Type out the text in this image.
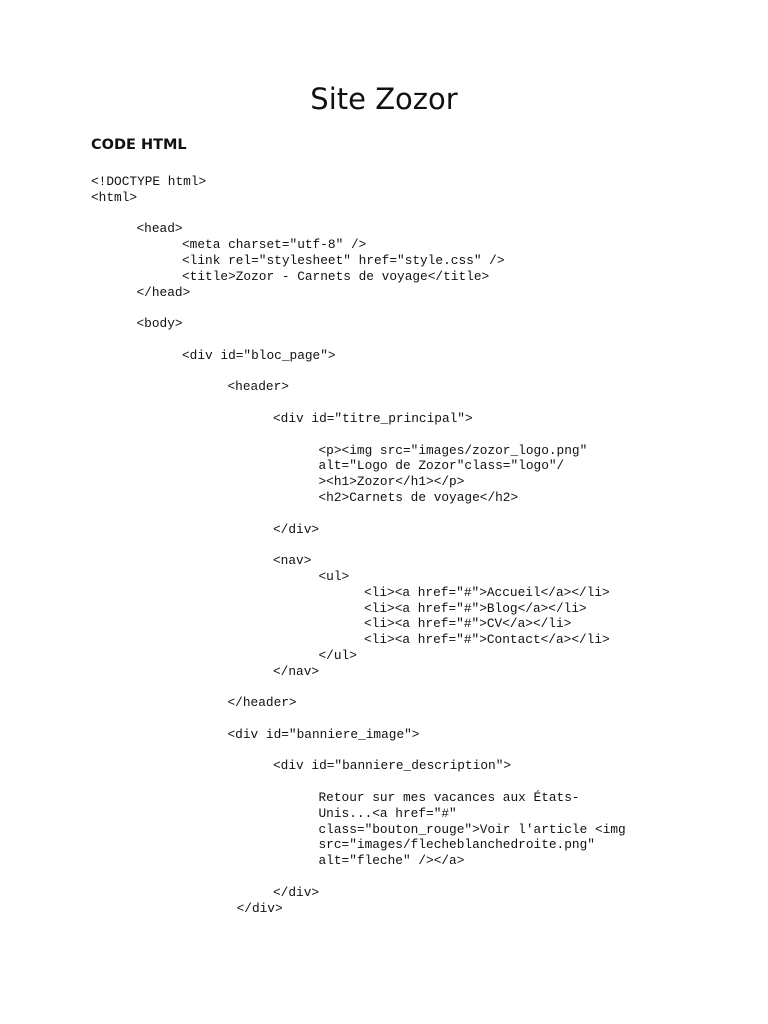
Site Zozor
CODE HTML
<!DOCTYPE html>
<html>
<head>
<meta charset="utf-8" />
<link rel="stylesheet" href="style.css" />
<title>Zozor - Carnets de voyage</title>
</head>
<body>
<div id="bloc_page">
<header>
<div id="titre_principal">
<p><img src="images/zozor_logo.png"
alt="Logo de Zozor"class="logo"/
><h1>Zozor</h1></p>
<h2>Carnets de voyage</h2>
</div>
<nav>
<ul>
<li><a href="#">Accueil</a></li>
<li><a href="#">Blog</a></li>
<li><a href="#">CV</a></li>
<li><a href="#">Contact</a></li>
</ul>
</nav>
</header>
<div id="banniere_image">
<div id="banniere_description">
Retour sur mes vacances aux États-
Unis...<a href="#"
class="bouton_rouge">Voir l'article <img
src="images/flecheblanchedroite.png"
alt="fleche" /></a>
</div>
</div>
